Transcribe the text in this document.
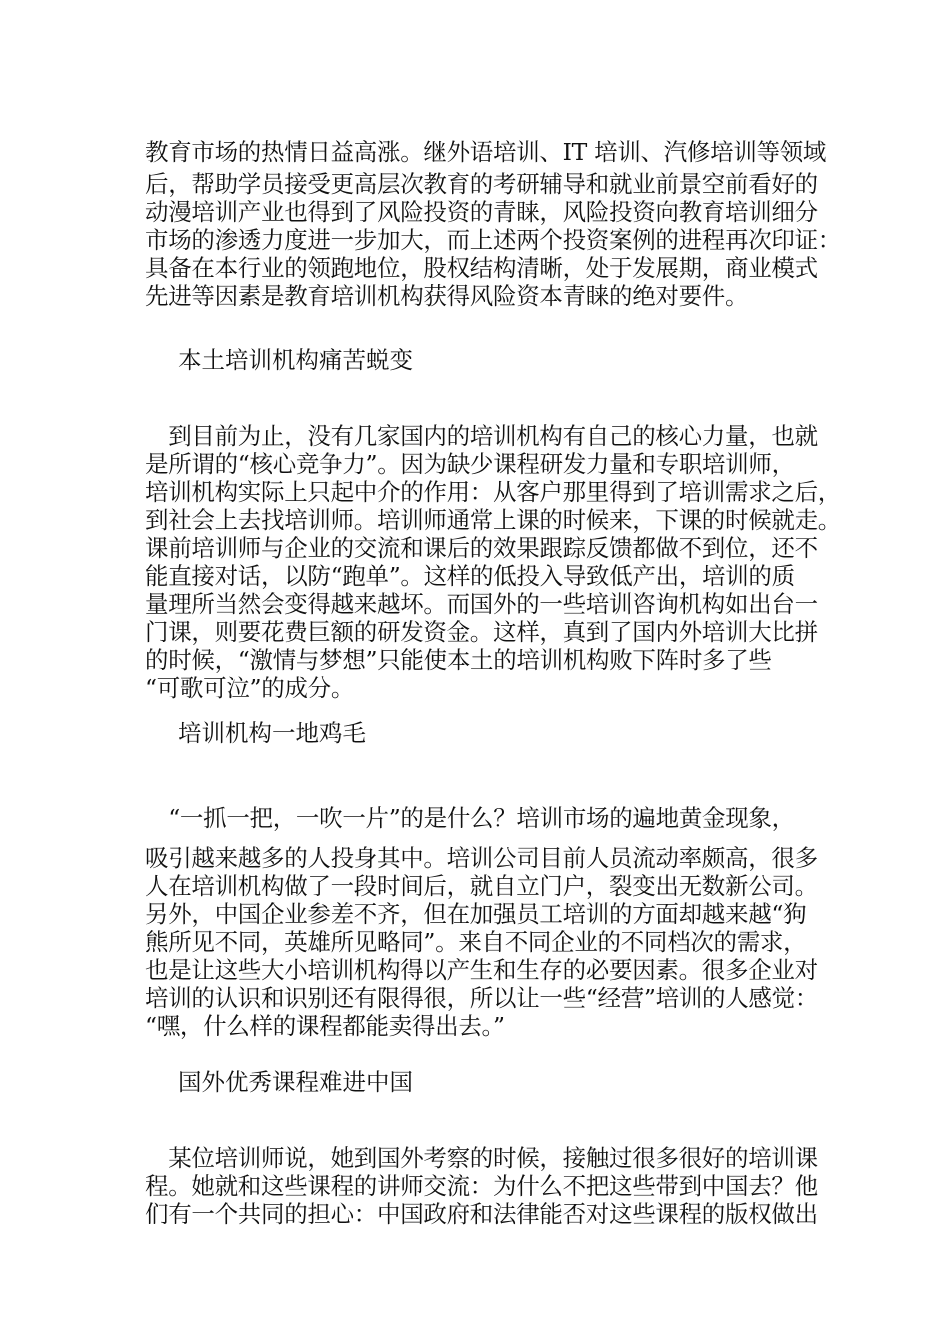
教育市场的热情日益高涨。继外语培训、IT 培训、汽修培训等领域
后，帮助学员接受更高层次教育的考研辅导和就业前景空前看好的
动漫培训产业也得到了风险投资的青睐，风险投资向教育培训细分
市场的渗透力度进一步加大，而上述两个投资案例的进程再次印证：
具备在本行业的领跑地位，股权结构清晰，处于发展期，商业模式
先进等因素是教育培训机构获得风险资本青睐的绝对要件。
本土培训机构痛苦蜕变
　到目前为止，没有几家国内的培训机构有自己的核心力量，也就
是所谓的“核心竞争力”。因为缺少课程研发力量和专职培训师，
培训机构实际上只起中介的作用：从客户那里得到了培训需求之后，
到社会上去找培训师。培训师通常上课的时候来，下课的时候就走。
课前培训师与企业的交流和课后的效果跟踪反馈都做不到位，还不
能直接对话，以防“跑单”。这样的低投入导致低产出，培训的质
量理所当然会变得越来越坏。而国外的一些培训咨询机构如出台一
门课，则要花费巨额的研发资金。这样，真到了国内外培训大比拼
的时候，“激情与梦想”只能使本土的培训机构败下阵时多了些
“可歌可泣”的成分。
培训机构一地鸡毛
　“一抓一把，一吹一片”的是什么？培训市场的遍地黄金现象，
吸引越来越多的人投身其中。培训公司目前人员流动率颇高，很多
人在培训机构做了一段时间后，就自立门户，裂变出无数新公司。
另外，中国企业参差不齐，但在加强员工培训的方面却越来越“狗
熊所见不同，英雄所见略同”。来自不同企业的不同档次的需求，
也是让这些大小培训机构得以产生和生存的必要因素。很多企业对
培训的认识和识别还有限得很，所以让一些“经营”培训的人感觉：
“嘿，什么样的课程都能卖得出去。”
国外优秀课程难进中国
　某位培训师说，她到国外考察的时候，接触过很多很好的培训课
程。她就和这些课程的讲师交流：为什么不把这些带到中国去？他
们有一个共同的担心：中国政府和法律能否对这些课程的版权做出
